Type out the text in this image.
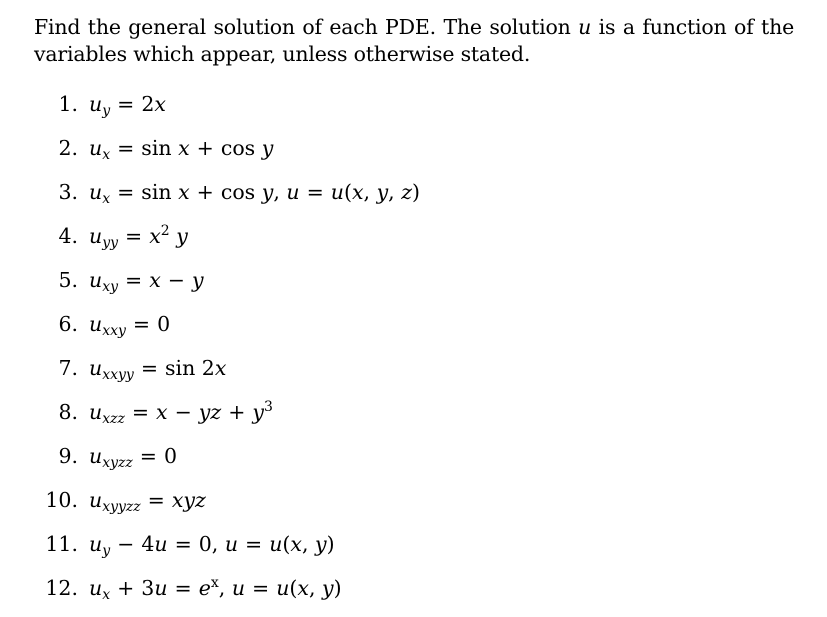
Find the general solution of each PDE. The solution u is a function of the variables which appear, unless otherwise stated.

1. $u_y = 2x$
2. $u_x = \sin x + \cos y$
3. $u_x = \sin x + \cos y$, u = u(x, y, z)
4. $u_{yy} = x^2$ y
5. $u_{xy} = x - y$
6. $u_{xxy} = 0$
7. $u_{xxyy} = \sin 2x$
8. $u_{xzz} = x$ − yz + $y^3$
9. $u_{xyzz} = 0$
10. $u_{xyyzz}$ = xyz
11. $u_y - 4u = 0$, u = u(x, y)
12. $u_x + 3u = e^x$, u = u(x, y)
